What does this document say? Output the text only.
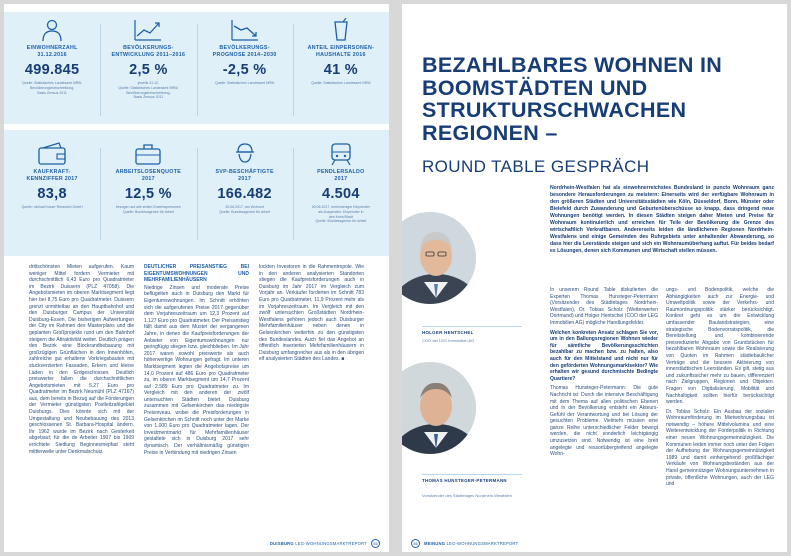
EINWOHNERZAHL
31.12.2016
499.845
Quelle: Statistisches Landesamt NRW,
Bevölkerungsfortschreibung,
Basis Zensus 2011
BEVÖLKERUNGS-
ENTWICKLUNG 2011–2016
2,5 %
jeweils 31.12.
Quelle: Statistisches Landesamt NRW,
Bevölkerungsfortschreibung,
Basis Zensus 2011
BEVÖLKERUNGS-
PROGNOSE 2014–2030
-2,5 %
Quelle: Statistisches Landesamt NRW
ANTEIL EINPERSONEN-
HAUSHALTE 2016
41 %
Quelle: Statistisches Landesamt NRW
KAUFKRAFT-
KENNZIFFER 2017
83,8
Quelle: michael bauer Research GmbH
ARBEITSLOSENQUOTE
2017
12,5 %
bezogen auf alle zivilen Erwerbspersonen
Quelle: Bundesagentur für Arbeit
SVP-BESCHÄFTIGTE
2017
166.482
30.06.2017, am Wohnort
Quelle: Bundesagentur für Arbeit
PENDLERSALDO
2017
4.504
30.06.2017, mehr/weniger Einpendler
als Auspendler. Einpendler in
den Kreis/Stadt
Quelle: Bundesagentur für Arbeit

drittschönsten Mieten aufgerufen. Kaum weniger Mittel fordern Vermieter mit durchschnittlich 6,43 Euro pro Quadratmeter im Bezirk Duissern (PLZ 47058). Die Angebotsmieten im oberen Marktsegment liegt hier bei 8,75 Euro pro Quadratmeter. Duissern grenzt unmittelbar an den Hauptbahnhof und den Duisburger Campus der Universität Duisburg-Essen. Die bisherigen Aufwertungen der City im Rahmen des Masterplans und die geplanten Großprojekte rund um den Bahnhof steigern die Attraktivität weiter. Deutlich prägen den Bezirk eine Blockrandbebauung mit großzügigen Grünflächen in den Innenhöfen, zahlreiche gut erhaltene Vorkriegsbauten mit stuckverzierten Fassaden, Erkern und kleine Läden in den Erdgeschossen. Deutlich preiswerter fallen die durchschnittlichen Angebotsmieten mit 5,27 Euro pro Quadratmeter im Bezirk Neumühl (PLZ 47167) aus, dem bereits in Bezug auf die Förderungen der Vermieter günstigsten Postleitzahlgebiet Duisburgs. Dies könnte sich mit der Umgestaltung und Neubebauung des 2013 geschlossenen St. Barbara-Hospital ändern. Ihr 1962 wurde im Bezirk nach Gesterkeit abgebaut; für die de Arbeiter 1907 bis 1909 errichtete Siedlung Beginnesmepfad steht mittlerweile unter Denkmalschutz.

DEUTLICHER PREISANSTIEG BEI EIGENTUMSWOHNUNGEN UND MEHRFAMILIENHÄUSERN

Niedrige Zinsen und moderate Preise beflügelten auch in Duisburg den Markt für Eigentumswohnungen. Im Schnitt erhöhten sich die aufgerufenen Preise 2017 gegenüber dem Vorjahreszeitraum um 12,3 Prozent auf 1.127 Euro pro Quadratmeter. Der Preisanstieg fällt damit aus dem Muster der vergangenen Jahre, in denen die Kaufpreisforderungen der Anbieter von Eigentumswohnungen nur geringfügig stiegen bzw. gleichblieben. Im Jahr 2017 waren sowohl preiswerte als auch höherwertige Wohnungen gefragt. Im unteren Marktsegment legten die Angebotspreise um 14,0 Prozent auf 486 Euro pro Quadratmeter zu, im oberen Marktsegment um 14,7 Prozent auf 2.589 Euro pro Quadratmeter zu. Im Vergleich mit den anderen der zwölf untersuchten Städten bietet Duisburg zusammen mit Gelsenkirchen das niedrigste Preisniveau, wobei die Preisforderungen in Gelsenkirchen im Schnitt noch unter der Marke von 1.000 Euro pro Quadratmeter lagen. Der Investmentmarkt für Mehrfamilienhäuser gestaltete sich in Duisburg 2017 sehr dynamisch. Der verhältnismäßig günstigen Preise in Verbindung mit niedrigen Zinsen

lockten Investoren in die Rahmentropole. Wie in den anderen analysierten Standorten stiegen die Kaufpreisforderungen auch in Duisburg im Jahr 2017 im Vergleich zum Vorjahr an. Verkäufer forderten im Schnitt 783 Euro pro Quadratmeter, 11,9 Prozent mehr als im Vorjahreszeitraum. Im Vergleich mit den zwölf untersuchten Großstädten Nordrhein-Westfalens gehören jedoch auch Duisburger Mehrfamilienhäuser neben denen in Gelsenkirchen weiterhin zu den günstigsten des Bundeslandes. Auch fiel das Angebot an öffentlich inserierten Mehrfamilienhäusern in Duisburg umfangreicher aus als in den übrigen elf analysierten Städten des Landes. ■

DUISBURG LEG-WOHNUNGSMARKTREPORT	55
BEZAHLBARES WOHNEN IN BOOMSTÄDTEN UND STRUKTURSCHWACHEN REGIONEN –
ROUND TABLE GESPRÄCH
Nordrhein-Westfalen hat als einwohnerreichstes Bundesland in puncto Wohnraum ganz besondere Herausforderungen zu meistern: Einerseits wird der verfügbare Wohnraum in den größeren Städten und Universitätsstädten wie Köln, Düsseldorf, Bonn, Münster oder Bielefeld durch Zuwanderung und Geburtenüberschüsse so knapp, dass dringend neue Wohnungen benötigt werden. In diesen Städten steigen daher Mieten und Preise für Wohnraum kontinuierlich und erreichen für Teile der Bevölkerung die Grenze des wirtschaftlich Verkraftbaren. Andererseits leiden die ländlicheren Regionen Nordrhein-Westfalens und einige Gemeinden des Ruhrgebiets unter anhaltender Abwanderung, so dass hier die Leerstände steigen und sich ein Wohnraumüberhang auftut. Für beides bedarf es Lösungen, denen sich Kommunen und Wirtschaft stellen müssen.
HOLGER HENTSCHEL
COO der LEG Immobilien AG
THOMAS HUNSTEGER-PETERMANN
Vorsitzender des Städtetages Nordrhein-Westfalen

In unserem Round Table diskutierten die Experten Thomas Hunsteger-Petermann (Vorsitzender des Städtetages Nordrhein-Westfalen), Dr. Tobias Scholz (Wetterwerten Dortmund) und Holger Hentschel (COO der LEG Immobilien AG) mögliche Handlungsfelder.

Welchen konkreten Ansatz schlagen Sie vor, um in den Ballungsregionen Wohnen wieder für sämtliche Bevölkerungsschichten bezahlbar zu machen bzw. zu halten, also auch für den Mittelstand und nicht nur für den geförderten Wohnungsmarktsektor? Wie erhalten wir gesund durchmischte Bedingte Quartiere?

Thomas Hunsteger-Petermann: Die gute Nachricht ist: Durch die intensive Beschäftigung mit dem Thema auf allen politischen Ebenen und in der Bevölkerung entsteht ein Akteurs-Gefühl der Verantwortung und bei Lösung der gesuchten Probleme. Vielmehr müssen eine ganze Reihe unterschiedlicher Felder bewegt werden, die nicht sonderlich leichtgängig umzusetzen sind. Notwendig ist eine breit angelegte und ressortübergreifend angelegte Wohn-

ungs- und Bodenpolitik, welche die Abhängigkeiten auch zur Energie- und Umweltpolitik sowie der Verkehrs- und Raumordnungspolitik stärker berücksichtigt. Konkret geht es um die Entwicklung umfassender Baulandstrategien, eine strategische Bodenvorratspolitik, die Bereitstellung und kombinierende preisreduzierte Abgabe von Grundstücken für bezahlbaren Wohnraum sowie die Realisierung von Quoten im Rahmen städtebaulicher Verträge und die bessere Aktivierung von innerstädtischen Leerständen. Es gilt, stetig aus und zukunftssicher mehr zu bauen, differenziert nach Zielgruppen, Regionen und Objekten. Fragen von Digitalisierung, Mobilität und Nachhaltigkeit sollten hierfür berücksichtigt werden.

Dr. Tobias Scholz: Ein Ausbau der sozialen Wohnraumförderung im Mietwohnungsbau ist notwendig – höhere Mittelvolumina und eine Weiterentwicklung der Förderpolitik in Richtung einer neuen Wohnungsgemeinnützigkeit. Die Kommunen leiden immer noch unter den Folgen der Aufhebung der Wohnungsgemeinnützigkeit 1989 und damit einhergehend großflächiger Verkäufe von Wohnungsbeständen aus der Hand gemeinnütziger Wohnungsunternehmen in private, öffentliche Wohnungen, auch der LEG und

56	MEINUNG LEG-WOHNUNGSMARKTREPORT
